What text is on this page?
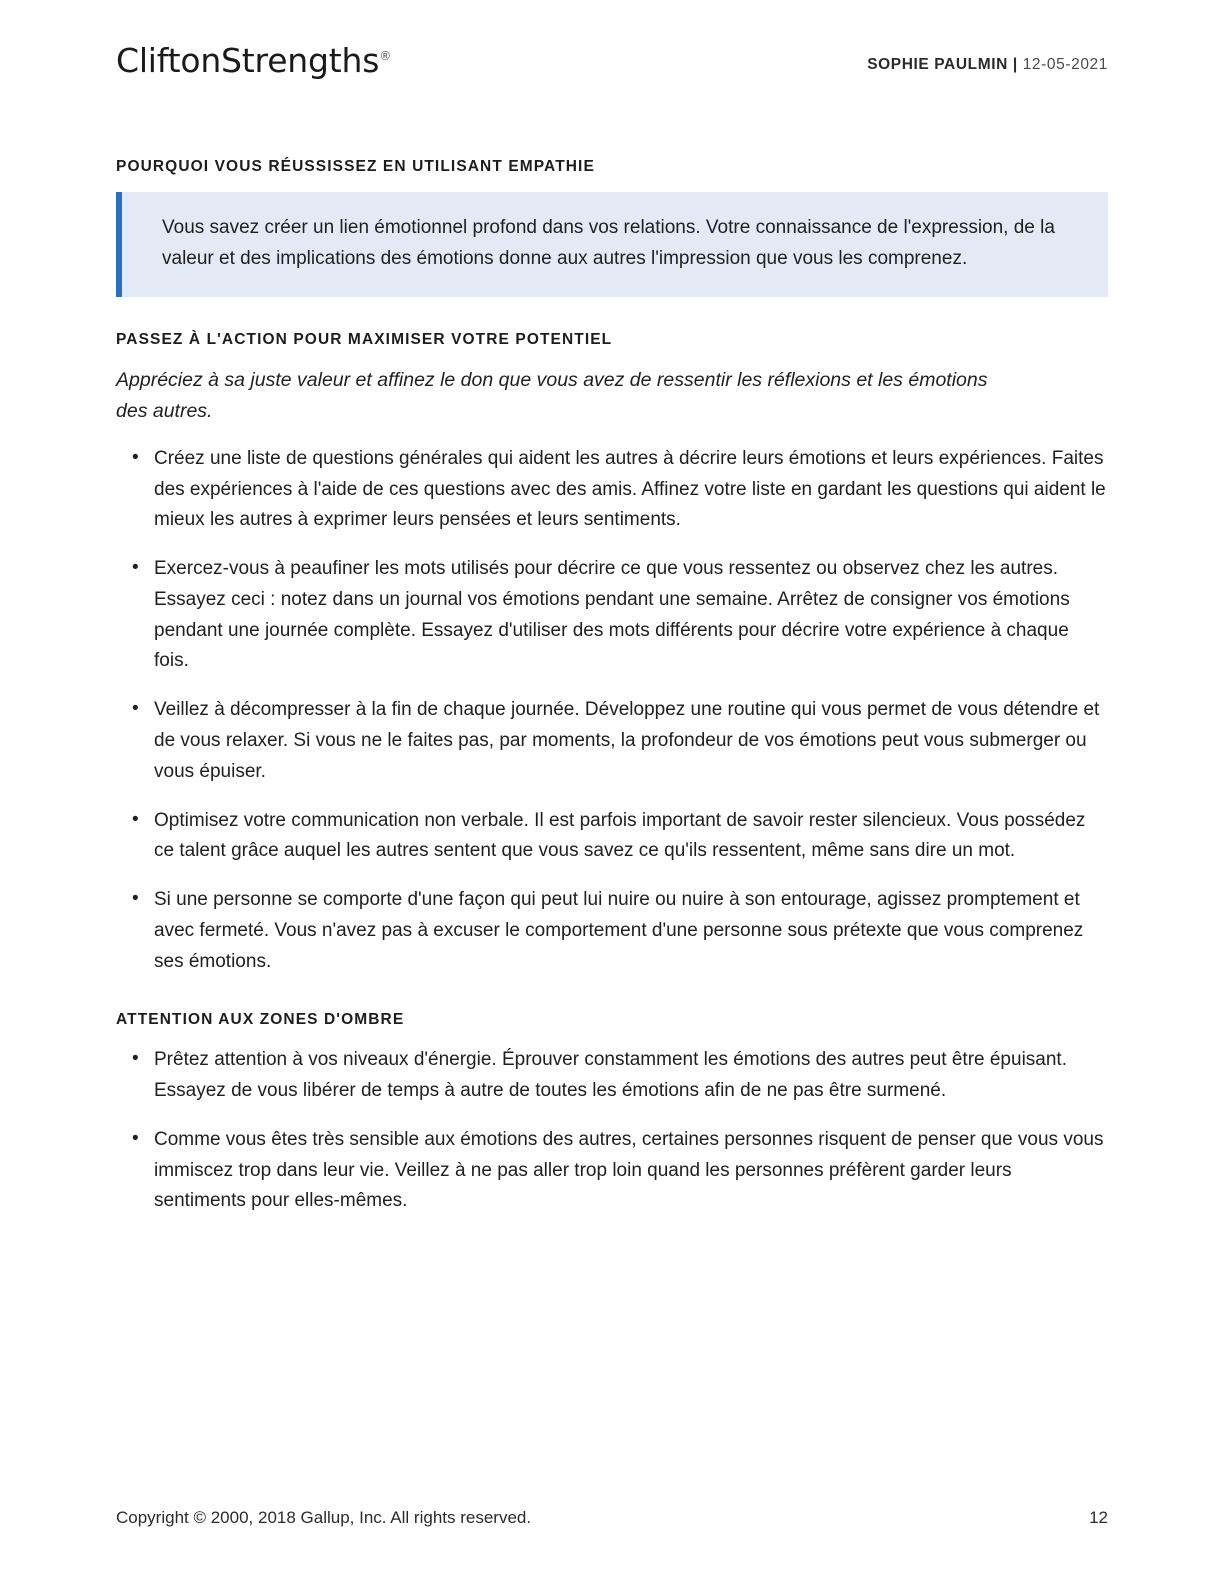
CliftonStrengths®	SOPHIE PAULMIN | 12-05-2021
POURQUOI VOUS RÉUSSISSEZ EN UTILISANT EMPATHIE

Vous savez créer un lien émotionnel profond dans vos relations. Votre connaissance de l'expression, de la valeur et des implications des émotions donne aux autres l'impression que vous les comprenez.

PASSEZ À L'ACTION POUR MAXIMISER VOTRE POTENTIEL

Appréciez à sa juste valeur et affinez le don que vous avez de ressentir les réflexions et les émotions des autres.

• Créez une liste de questions générales qui aident les autres à décrire leurs émotions et leurs expériences. Faites des expériences à l'aide de ces questions avec des amis. Affinez votre liste en gardant les questions qui aident le mieux les autres à exprimer leurs pensées et leurs sentiments.
• Exercez-vous à peaufiner les mots utilisés pour décrire ce que vous ressentez ou observez chez les autres. Essayez ceci : notez dans un journal vos émotions pendant une semaine. Arrêtez de consigner vos émotions pendant une journée complète. Essayez d'utiliser des mots différents pour décrire votre expérience à chaque fois.
• Veillez à décompresser à la fin de chaque journée. Développez une routine qui vous permet de vous détendre et de vous relaxer. Si vous ne le faites pas, par moments, la profondeur de vos émotions peut vous submerger ou vous épuiser.
• Optimisez votre communication non verbale. Il est parfois important de savoir rester silencieux. Vous possédez ce talent grâce auquel les autres sentent que vous savez ce qu'ils ressentent, même sans dire un mot.
• Si une personne se comporte d'une façon qui peut lui nuire ou nuire à son entourage, agissez promptement et avec fermeté. Vous n'avez pas à excuser le comportement d'une personne sous prétexte que vous comprenez ses émotions.
ATTENTION AUX ZONES D'OMBRE
• Prêtez attention à vos niveaux d'énergie. Éprouver constamment les émotions des autres peut être épuisant. Essayez de vous libérer de temps à autre de toutes les émotions afin de ne pas être surmené.
• Comme vous êtes très sensible aux émotions des autres, certaines personnes risquent de penser que vous vous immiscez trop dans leur vie. Veillez à ne pas aller trop loin quand les personnes préfèrent garder leurs sentiments pour elles-mêmes.
Copyright © 2000, 2018 Gallup, Inc. All rights reserved.	12
